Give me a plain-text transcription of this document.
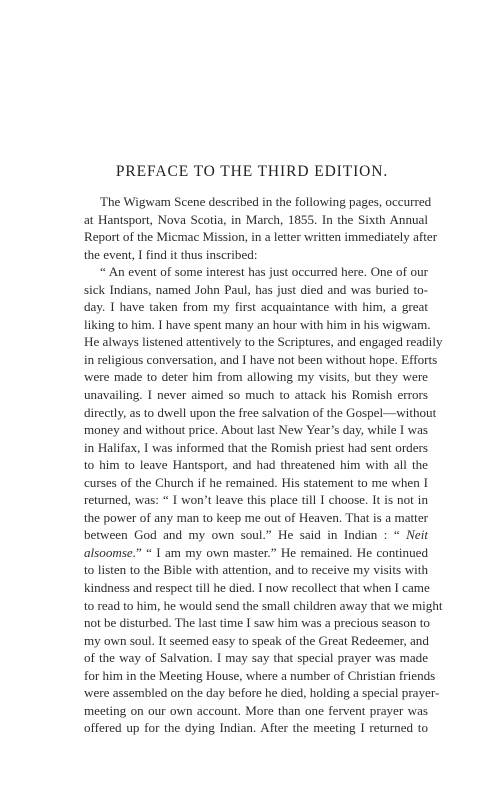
PREFACE TO THE THIRD EDITION.
The Wigwam Scene described in the following pages, occurred
at Hantsport, Nova Scotia, in March, 1855. In the Sixth Annual
Report of the Micmac Mission, in a letter written immediately after
the event, I find it thus inscribed:
“ An event of some interest has just occurred here. One of our
sick Indians, named John Paul, has just died and was buried to-
day. I have taken from my first acquaintance with him, a great
liking to him. I have spent many an hour with him in his wigwam.
He always listened attentively to the Scriptures, and engaged readily
in religious conversation, and I have not been without hope. Efforts
were made to deter him from allowing my visits, but they were
unavailing. I never aimed so much to attack his Romish errors
directly, as to dwell upon the free salvation of the Gospel—without
money and without price. About last New Year’s day, while I was
in Halifax, I was informed that the Romish priest had sent orders
to him to leave Hantsport, and had threatened him with all the
curses of the Church if he remained. His statement to me when I
returned, was: “ I won’t leave this place till I choose. It is not in
the power of any man to keep me out of Heaven. That is a matter
between God and my own soul.” He said in Indian : “ Neit
alsoomse.” “ I am my own master.” He remained. He continued
to listen to the Bible with attention, and to receive my visits with
kindness and respect till he died. I now recollect that when I came
to read to him, he would send the small children away that we might
not be disturbed. The last time I saw him was a precious season to
my own soul. It seemed easy to speak of the Great Redeemer, and
of the way of Salvation. I may say that special prayer was made
for him in the Meeting House, where a number of Christian friends
were assembled on the day before he died, holding a special prayer-
meeting on our own account. More than one fervent prayer was
offered up for the dying Indian. After the meeting I returned to
